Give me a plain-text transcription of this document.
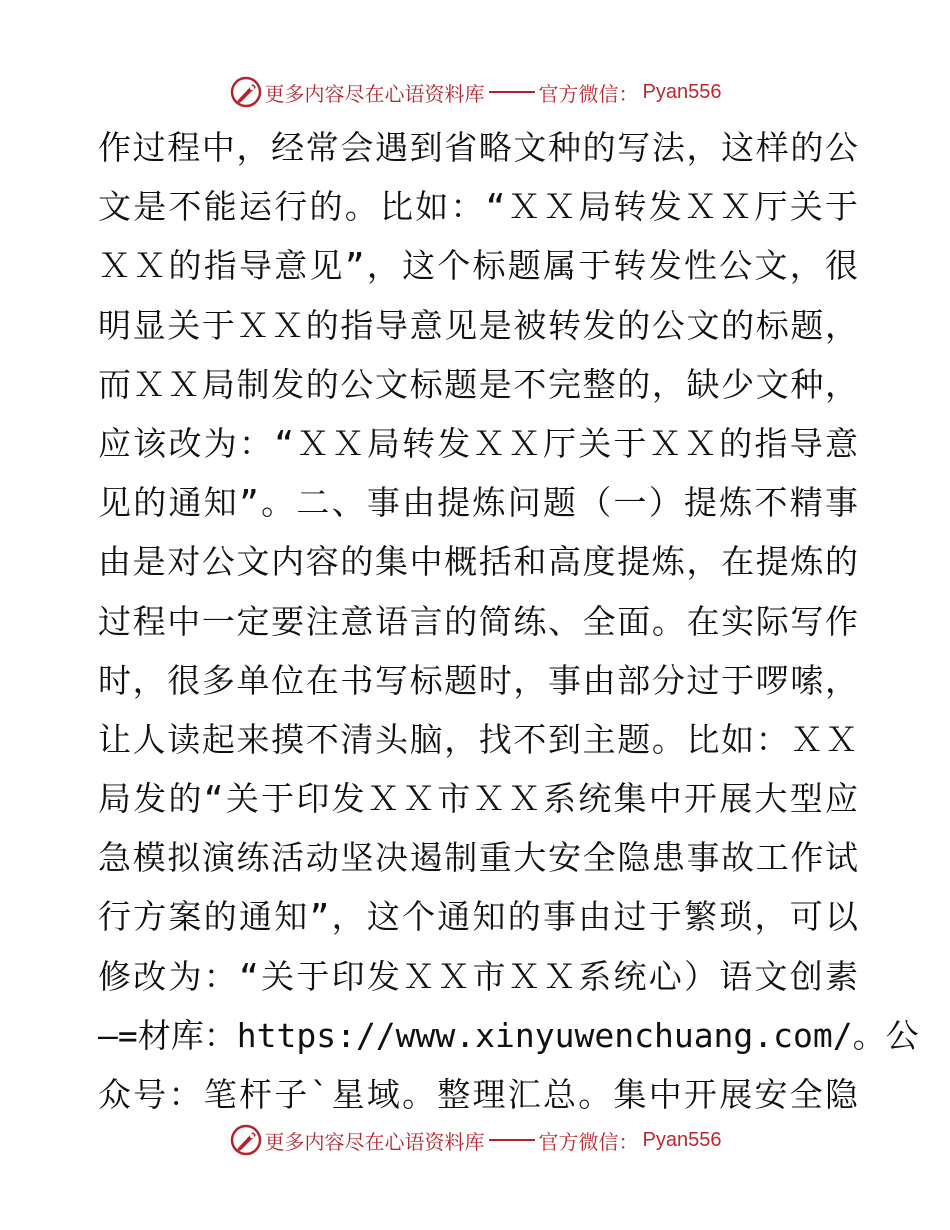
更多内容尽在心语资料库	官方微信： Pyan556
作过程中，经常会遇到省略文种的写法，这样的公
文是不能运行的。比如：“ＸＸ局转发ＸＸ厅关于
ＸＸ的指导意见”，这个标题属于转发性公文，很
明显关于ＸＸ的指导意见是被转发的公文的标题，
而ＸＸ局制发的公文标题是不完整的，缺少文种，
应该改为：“ＸＸ局转发ＸＸ厅关于ＸＸ的指导意
见的通知”。二、事由提炼问题（一）提炼不精事
由是对公文内容的集中概括和高度提炼，在提炼的
过程中一定要注意语言的简练、全面。在实际写作
时，很多单位在书写标题时，事由部分过于啰嗦，
让人读起来摸不清头脑，找不到主题。比如：ＸＸ
局发的“关于印发ＸＸ市ＸＸ系统集中开展大型应
急模拟演练活动坚决遏制重大安全隐患事故工作试
行方案的通知”，这个通知的事由过于繁琐，可以
修改为：“关于印发ＸＸ市ＸＸ系统心）语文创素
—=材库：https://www.xinyuwenchuang.com/。公
众号：笔杆子`星域。整理汇总。集中开展安全隐
更多内容尽在心语资料库	官方微信： Pyan556
